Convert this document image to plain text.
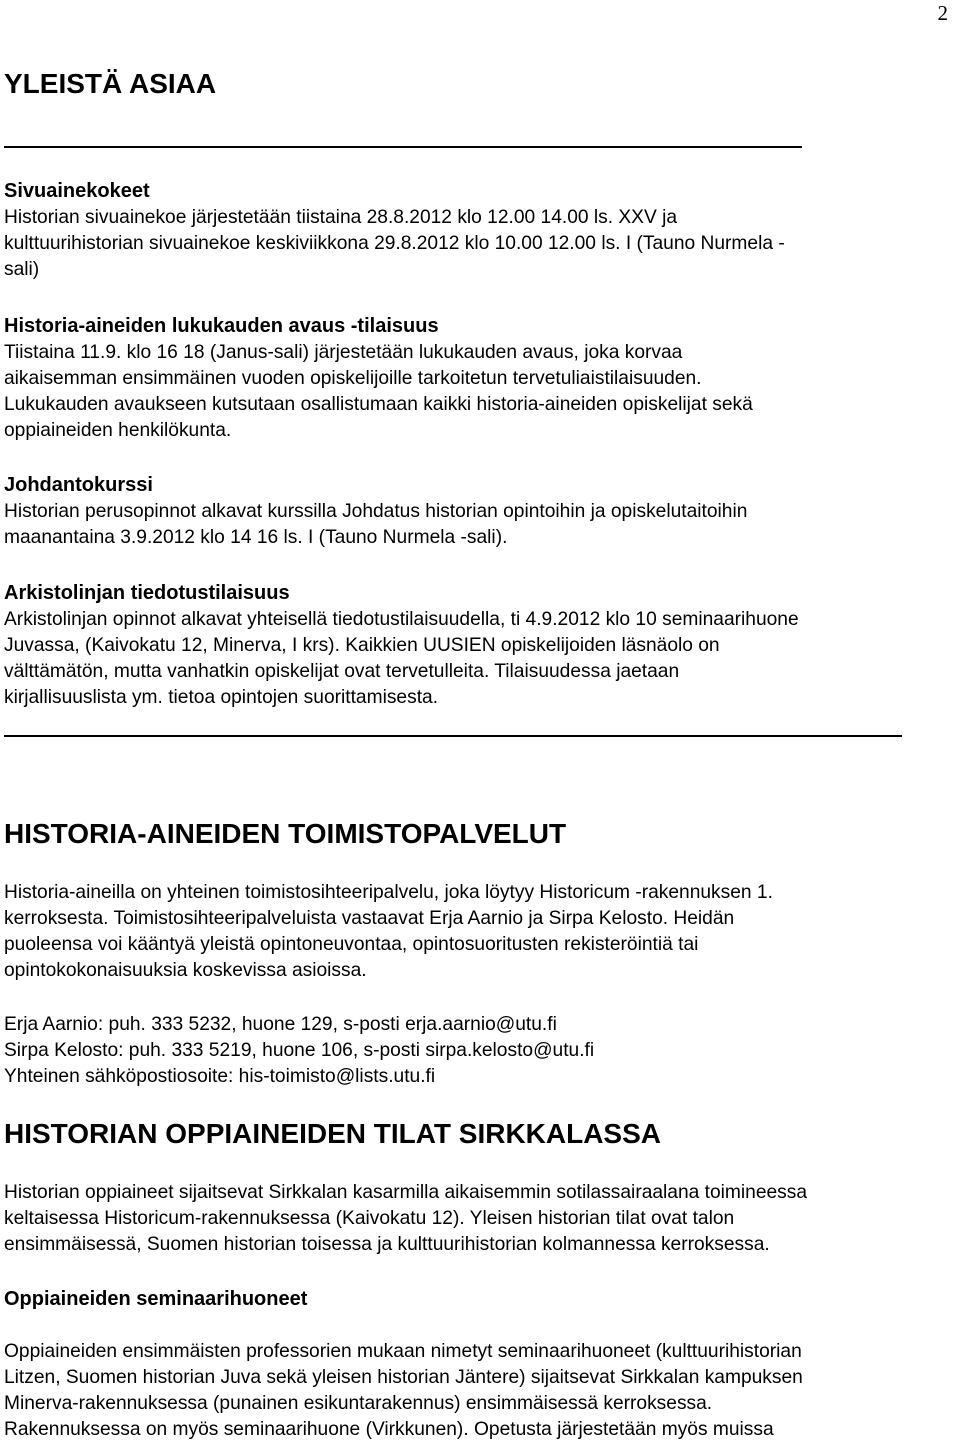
2
YLEISTÄ ASIAA
Sivuainekokeet
Historian sivuainekoe järjestetään tiistaina 28.8.2012 klo 12.00 14.00 ls. XXV ja
kulttuurihistorian sivuainekoe keskiviikkona 29.8.2012 klo 10.00 12.00 ls. I (Tauno Nurmela -
sali)
Historia-aineiden lukukauden avaus -tilaisuus
Tiistaina 11.9. klo 16 18 (Janus-sali) järjestetään lukukauden avaus, joka korvaa
aikaisemman ensimmäinen vuoden opiskelijoille tarkoitetun tervetuliaistilaisuuden.
Lukukauden avaukseen kutsutaan osallistumaan kaikki historia-aineiden opiskelijat sekä
oppiaineiden henkilökunta.
Johdantokurssi
Historian perusopinnot alkavat kurssilla Johdatus historian opintoihin ja opiskelutaitoihin
maanantaina 3.9.2012 klo 14 16 ls. I (Tauno Nurmela -sali).
Arkistolinjan tiedotustilaisuus
Arkistolinjan opinnot alkavat yhteisellä tiedotustilaisuudella, ti 4.9.2012 klo 10 seminaarihuone
Juvassa, (Kaivokatu 12, Minerva, I krs). Kaikkien UUSIEN opiskelijoiden läsnäolo on
välttämätön, mutta vanhatkin opiskelijat ovat tervetulleita. Tilaisuudessa jaetaan
kirjallisuuslista ym. tietoa opintojen suorittamisesta.
HISTORIA-AINEIDEN TOIMISTOPALVELUT
Historia-aineilla on yhteinen toimistosihteeripalvelu, joka löytyy Historicum -rakennuksen 1.
kerroksesta. Toimistosihteeripalveluista vastaavat Erja Aarnio ja Sirpa Kelosto. Heidän
puoleensa voi kääntyä yleistä opintoneuvontaa, opintosuoritusten rekisteröintiä tai
opintokokonaisuuksia koskevissa asioissa.
Erja Aarnio: puh. 333 5232, huone 129, s-posti erja.aarnio@utu.fi
Sirpa Kelosto: puh. 333 5219, huone 106, s-posti sirpa.kelosto@utu.fi
Yhteinen sähköpostiosoite: his-toimisto@lists.utu.fi
HISTORIAN OPPIAINEIDEN TILAT SIRKKALASSA
Historian oppiaineet sijaitsevat Sirkkalan kasarmilla aikaisemmin sotilassairaalana toimineessa
keltaisessa Historicum-rakennuksessa (Kaivokatu 12). Yleisen historian tilat ovat talon
ensimmäisessä, Suomen historian toisessa ja kulttuurihistorian kolmannessa kerroksessa.
Oppiaineiden seminaarihuoneet
Oppiaineiden ensimmäisten professorien mukaan nimetyt seminaarihuoneet (kulttuurihistorian
Litzen, Suomen historian Juva sekä yleisen historian Jäntere) sijaitsevat Sirkkalan kampuksen
Minerva-rakennuksessa (punainen esikuntarakennus) ensimmäisessä kerroksessa.
Rakennuksessa on myös seminaarihuone (Virkkunen). Opetusta järjestetään myös muissa
